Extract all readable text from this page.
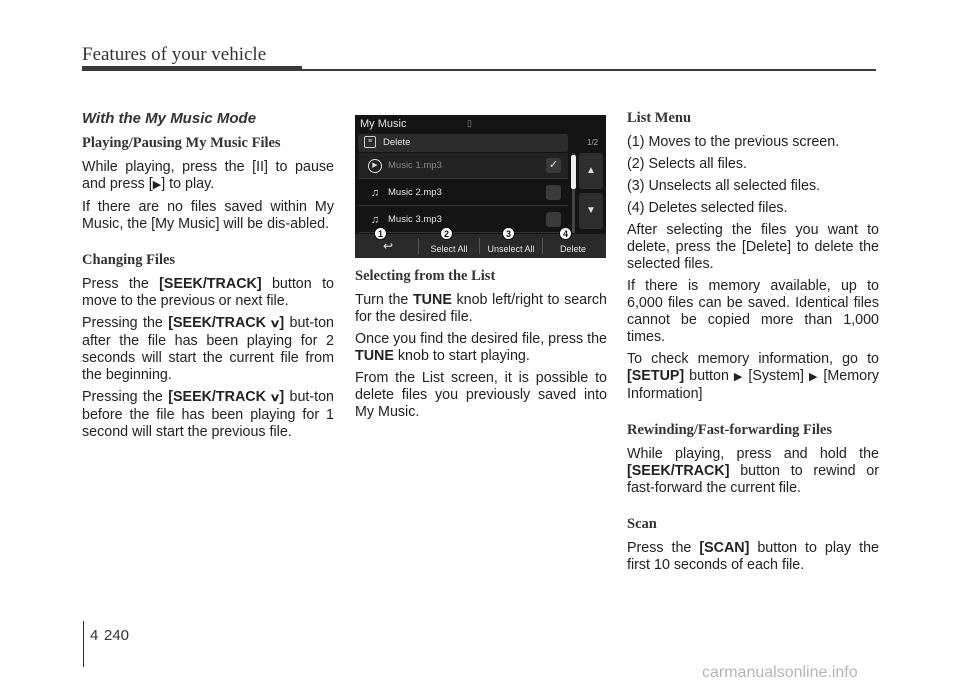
Features of your vehicle
With the My Music Mode
Playing/Pausing My Music Files

While playing, press the [II] to pause and press [▶] to play.

If there are no files saved within My Music, the [My Music] will be dis-abled.

Changing Files

Press the [SEEK/TRACK] button to move to the previous or next file.

Pressing the [SEEK/TRACK ∨] but-ton after the file has been playing for 2 seconds will start the current file from the beginning.

Pressing the [SEEK/TRACK ∨] but-ton before the file has been playing for 1 second will start the previous file.

My Music	▯
≡	Delete	1/2
▶	Music 1.mp3	✓
♫ Music 2.mp3
♫ Music 3.mp3
▲
▼
↩	Select All	Unselect All	Delete
1	2	3	4
Selecting from the List

Turn the TUNE knob left/right to search for the desired file.

Once you find the desired file, press the TUNE knob to start playing.

From the List screen, it is possible to delete files you previously saved into My Music.

List Menu

(1) Moves to the previous screen.

(2) Selects all files.

(3) Unselects all selected files.

(4) Deletes selected files.

After selecting the files you want to delete, press the [Delete] to delete the selected files.

If there is memory available, up to 6,000 files can be saved. Identical files cannot be copied more than 1,000 times.

To check memory information, go to [SETUP] button ▶ [System] ▶ [Memory Information]

Rewinding/Fast-forwarding Files

While playing, press and hold the [SEEK/TRACK] button to rewind or fast-forward the current file.

Scan

Press the [SCAN] button to play the first 10 seconds of each file.

4 240
carmanualsonline.info
